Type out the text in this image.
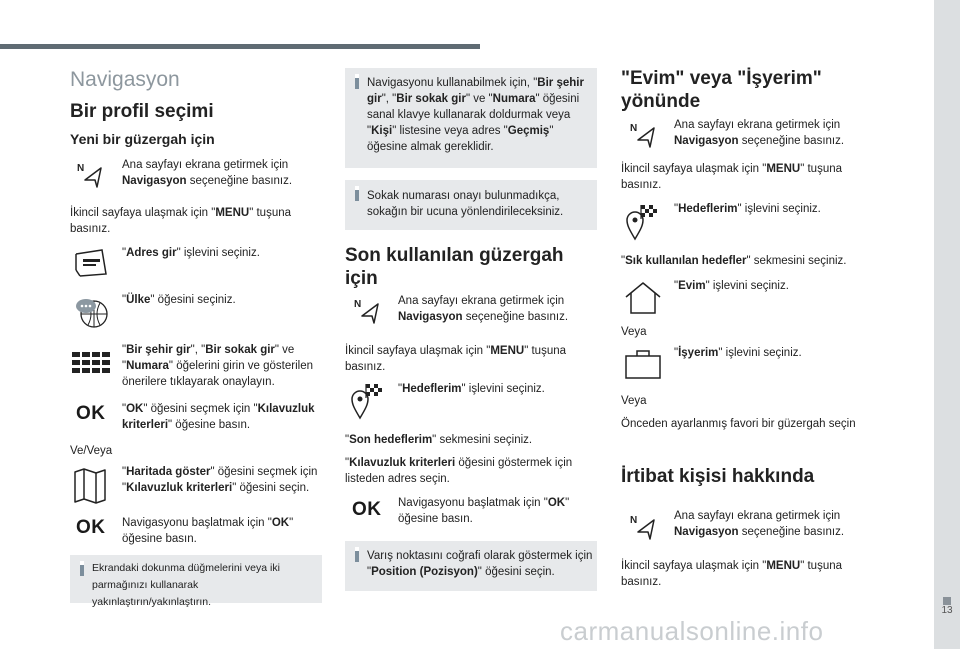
13
carmanualsonline.info
Navigasyon
Bir profil seçimi
Yeni bir güzergah için
N	Ana sayfayı ekrana getirmek için Navigasyon seçeneğine basınız.
İkincil sayfaya ulaşmak için "MENU" tuşuna basınız.
"Adres gir" işlevini seçiniz.
"Ülke" öğesini seçiniz.
"Bir şehir gir", "Bir sokak gir" ve "Numara" öğelerini girin ve gösterilen önerilere tıklayarak onaylayın.
OK "OK" öğesini seçmek için "Kılavuzluk kriterleri" öğesine basın.
Ve/Veya
"Haritada göster" öğesini seçmek için "Kılavuzluk kriterleri" öğesini seçin.
OK Navigasyonu başlatmak için "OK" öğesine basın.
Ekrandaki dokunma düğmelerini veya iki parmağınızı kullanarak yakınlaştırın/yakınlaştırın.
Navigasyonu kullanabilmek için, "Bir şehir gir", "Bir sokak gir" ve "Numara" öğesini sanal klavye kullanarak doldurmak veya "Kişi" listesine veya adres "Geçmiş" öğesine almak gereklidir.
Sokak numarası onayı bulunmadıkça, sokağın bir ucuna yönlendirileceksiniz.
Son kullanılan güzergah için
N	Ana sayfayı ekrana getirmek için Navigasyon seçeneğine basınız.
İkincil sayfaya ulaşmak için "MENU" tuşuna basınız.
"Hedeflerim" işlevini seçiniz.
"Son hedeflerim" sekmesini seçiniz.
"Kılavuzluk kriterleri öğesini göstermek için listeden adres seçin.
OK Navigasyonu başlatmak için "OK" öğesine basın.
Varış noktasını coğrafi olarak göstermek için "Position (Pozisyon)" öğesini seçin.
"Evim" veya "İşyerim" yönünde
N	Ana sayfayı ekrana getirmek için Navigasyon seçeneğine basınız.
İkincil sayfaya ulaşmak için "MENU" tuşuna basınız.
"Hedeflerim" işlevini seçiniz.
"Sık kullanılan hedefler" sekmesini seçiniz.
"Evim" işlevini seçiniz.
Veya
"İşyerim" işlevini seçiniz.
Veya
Önceden ayarlanmış favori bir güzergah seçin
İrtibat kişisi hakkında
N	Ana sayfayı ekrana getirmek için Navigasyon seçeneğine basınız.
İkincil sayfaya ulaşmak için "MENU" tuşuna basınız.
